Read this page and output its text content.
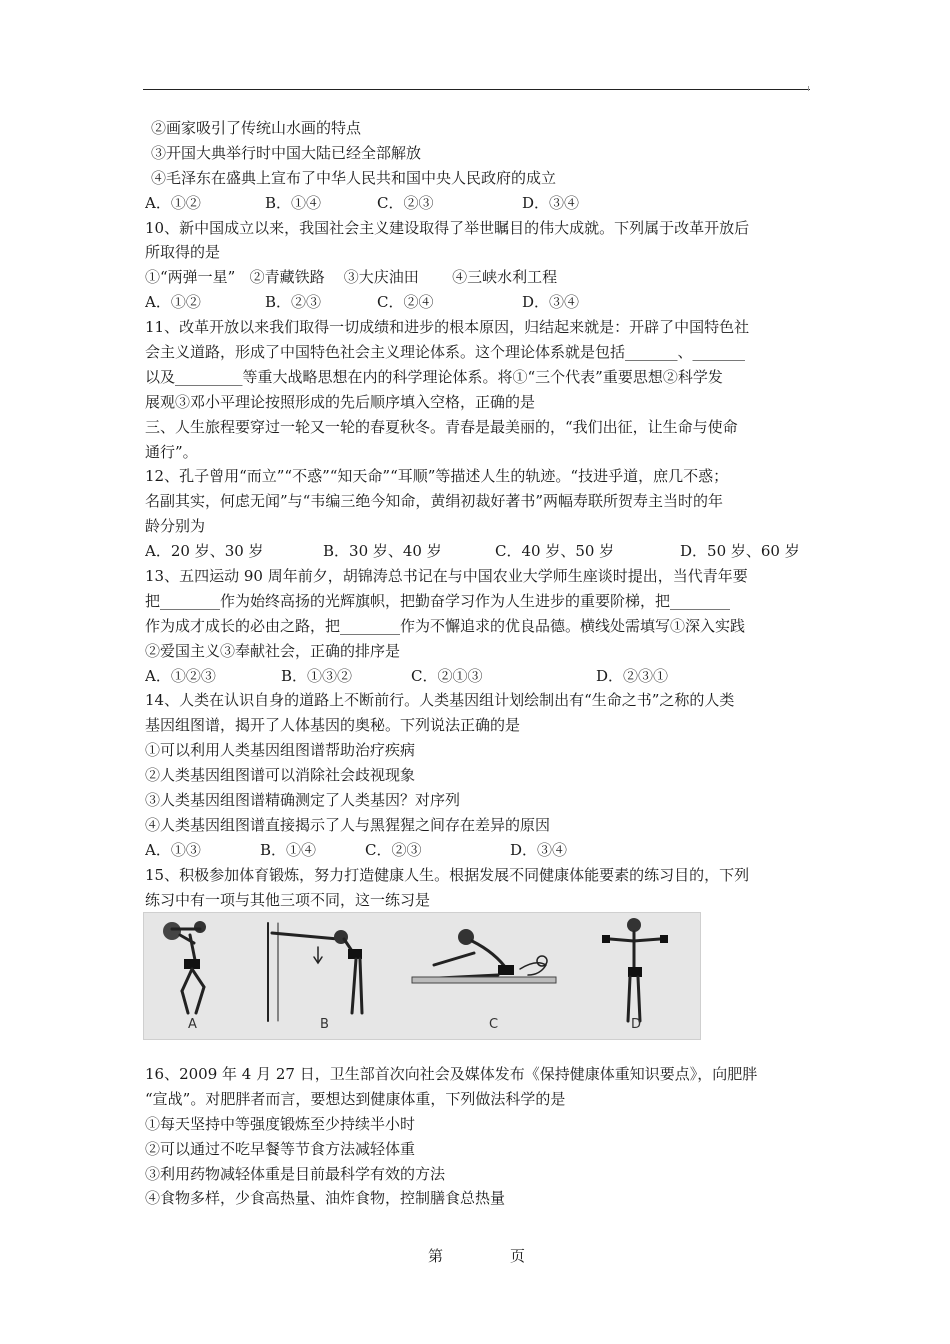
②画家吸引了传统山水画的特点
③开国大典举行时中国大陆已经全部解放
④毛泽东在盛典上宣布了中华人民共和国中央人民政府的成立
A．①②	B．①④	C．②③	D．③④
10、新中国成立以来，我国社会主义建设取得了举世瞩目的伟大成就。下列属于改革开放后
所取得的是
①“两弹一星”   ②青藏铁路    ③大庆油田       ④三峡水利工程
A．①②	B．②③	C．②④	D．③④
11、改革开放以来我们取得一切成绩和进步的根本原因，归结起来就是：开辟了中国特色社
会主义道路，形成了中国特色社会主义理论体系。这个理论体系就是包括_______、_______
以及_________等重大战略思想在内的科学理论体系。将①“三个代表”重要思想②科学发
展观③邓小平理论按照形成的先后顺序填入空格，正确的是
三、人生旅程要穿过一轮又一轮的春夏秋冬。青春是最美丽的，“我们出征，让生命与使命
通行”。
12、孔子曾用“而立”“不惑”“知天命”“耳顺”等描述人生的轨迹。“技进乎道，庶几不惑；
名副其实，何虑无闻”与“韦编三绝今知命，黄绢初裁好著书”两幅寿联所贺寿主当时的年
龄分别为
A．20 岁、30 岁	B．30 岁、40 岁	C．40 岁、50 岁	D．50 岁、60 岁
13、五四运动 90 周年前夕，胡锦涛总书记在与中国农业大学师生座谈时提出，当代青年要
把________作为始终高扬的光辉旗帜，把勤奋学习作为人生进步的重要阶梯，把________
作为成才成长的必由之路，把________作为不懈追求的优良品德。横线处需填写①深入实践
②爱国主义③奉献社会，正确的排序是
A．①②③	B．①③②	C．②①③	D．②③①
14、人类在认识自身的道路上不断前行。人类基因组计划绘制出有“生命之书”之称的人类
基因组图谱，揭开了人体基因的奥秘。下列说法正确的是
①可以利用人类基因组图谱帮助治疗疾病
②人类基因组图谱可以消除社会歧视现象
③人类基因组图谱精确测定了人类基因？对序列
④人类基因组图谱直接揭示了人与黑猩猩之间存在差异的原因
A．①③	B．①④	C．②③	D．③④
15、积极参加体育锻炼，努力打造健康人生。根据发展不同健康体能要素的练习目的，下列
练习中有一项与其他三项不同，这一练习是
A	B	C	D
16、2009 年 4 月 27 日，卫生部首次向社会及媒体发布《保持健康体重知识要点》，向肥胖
“宣战”。对肥胖者而言，要想达到健康体重，下列做法科学的是
①每天坚持中等强度锻炼至少持续半小时
②可以通过不吃早餐等节食方法减轻体重
③利用药物减轻体重是目前最科学有效的方法
④食物多样，少食高热量、油炸食物，控制膳食总热量
第	页
